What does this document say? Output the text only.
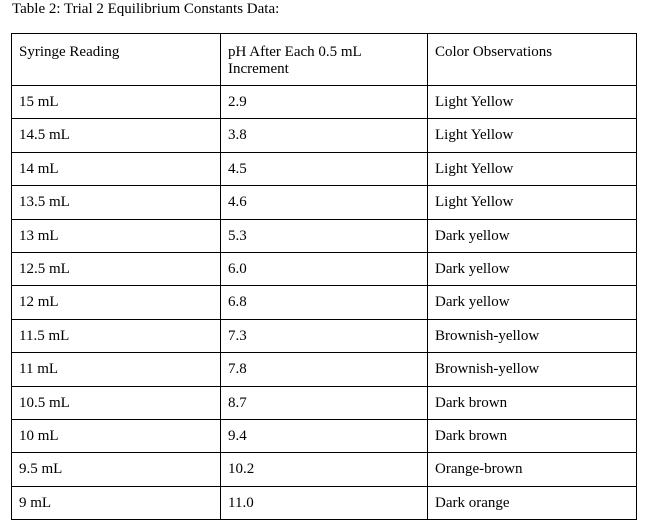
Table 2: Trial 2 Equilibrium Constants Data:
Syringe Reading	pH After Each 0.5 mL Increment	Color Observations
15 mL	2.9	Light Yellow
14.5 mL	3.8	Light Yellow
14 mL	4.5	Light Yellow
13.5 mL	4.6	Light Yellow
13 mL	5.3	Dark yellow
12.5 mL	6.0	Dark yellow
12 mL	6.8	Dark yellow
11.5 mL	7.3	Brownish-yellow
11 mL	7.8	Brownish-yellow
10.5 mL	8.7	Dark brown
10 mL	9.4	Dark brown
9.5 mL	10.2	Orange-brown
9 mL	11.0	Dark orange
